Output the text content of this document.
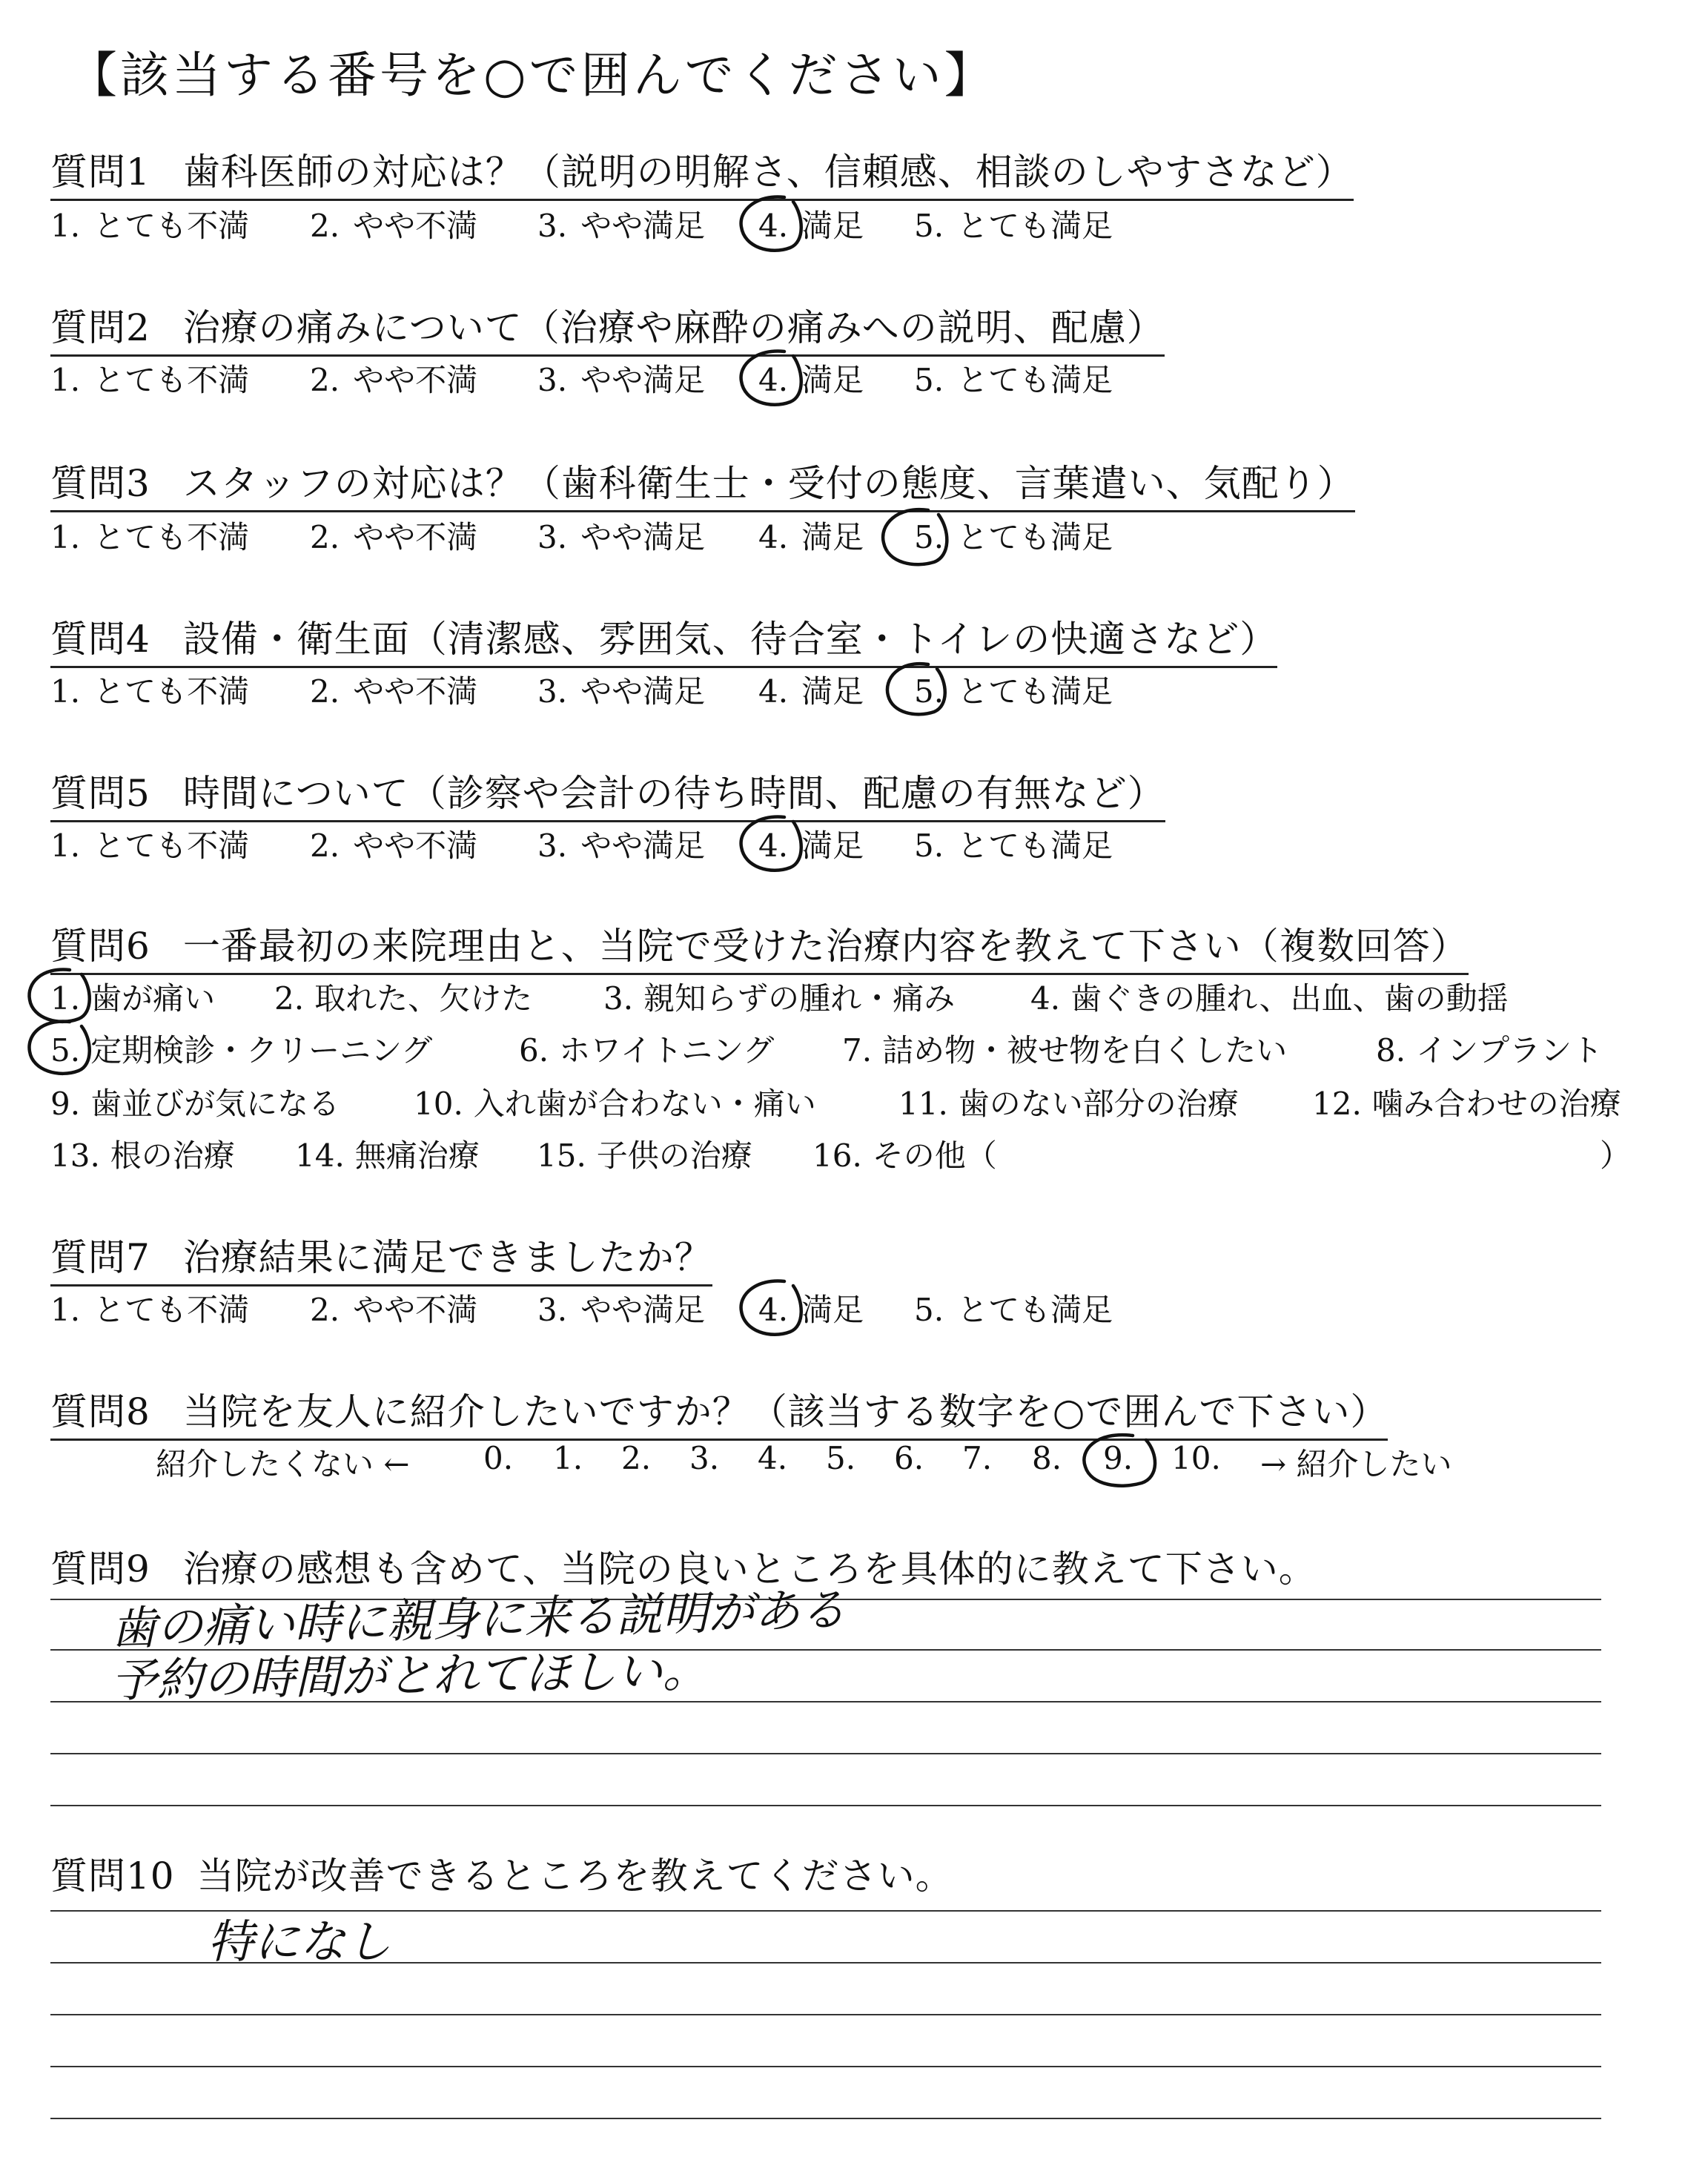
【該当する番号を○で囲んでください】
質問1 歯科医師の対応は？（説明の明解さ、信頼感、相談のしやすさなど）
1. とても不満 2. やや不満 3. やや満足 4. 満足 5. とても満足
質問2 治療の痛みについて（治療や麻酔の痛みへの説明、配慮）
1. とても不満 2. やや不満 3. やや満足 4. 満足 5. とても満足
質問3 スタッフの対応は？（歯科衛生士・受付の態度、言葉遣い、気配り）
1. とても不満 2. やや不満 3. やや満足 4. 満足 5. とても満足
質問4 設備・衛生面（清潔感、雰囲気、待合室・トイレの快適さなど）
1. とても不満 2. やや不満 3. やや満足 4. 満足 5. とても満足
質問5 時間について（診察や会計の待ち時間、配慮の有無など）
1. とても不満 2. やや不満 3. やや満足 4. 満足 5. とても満足
質問6 一番最初の来院理由と、当院で受けた治療内容を教えて下さい（複数回答）
1. 歯が痛い 2. 取れた、欠けた 3. 親知らずの腫れ・痛み 4. 歯ぐきの腫れ、出血、歯の動揺
5. 定期検診・クリーニング	6. ホワイトニング 7. 詰め物・被せ物を白くしたい	8. インプラント
9. 歯並びが気になる 10. 入れ歯が合わない・痛い	11. 歯のない部分の治療 12. 噛み合わせの治療
13. 根の治療 14. 無痛治療 15. 子供の治療 16. その他（	）
質問7 治療結果に満足できましたか？
1. とても不満 2. やや不満 3. やや満足 4. 満足 5. とても満足
質問8 当院を友人に紹介したいですか？（該当する数字を○で囲んで下さい）
紹介したくない ← 0. 1. 2. 3. 4. 5. 6. 7. 8. 9. 10. → 紹介したい
質問9 治療の感想も含めて、当院の良いところを具体的に教えて下さい。
質問10 当院が改善できるところを教えてください。
歯の痛い時に親身に来る説明がある
予約の時間がとれてほしい。
特になし
